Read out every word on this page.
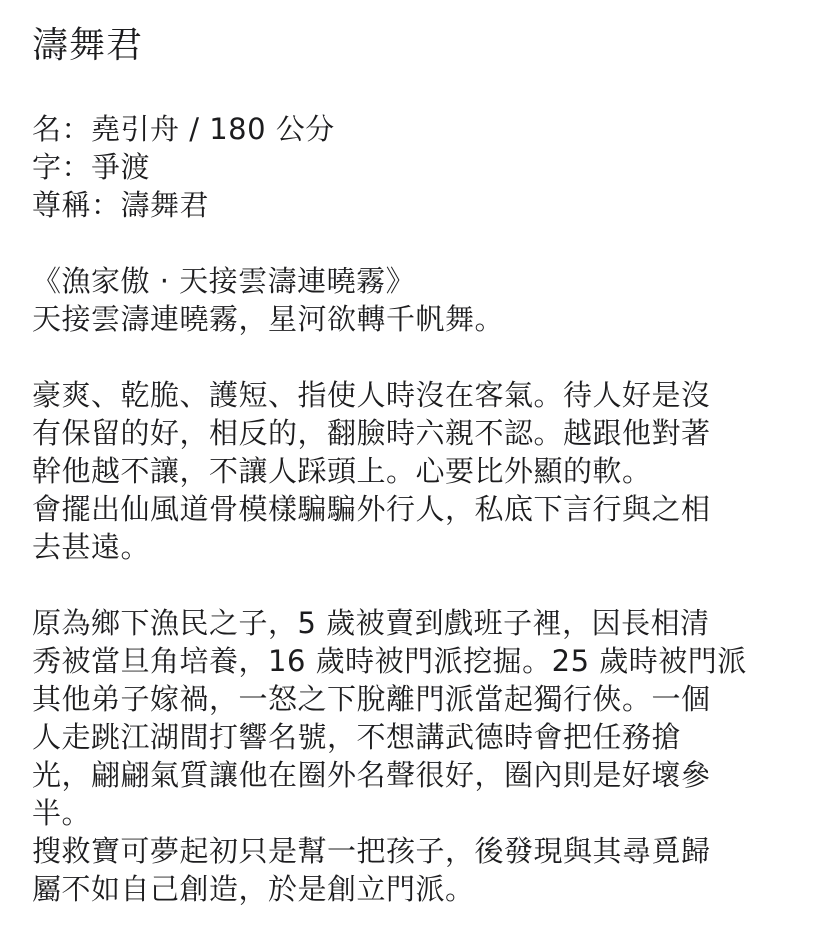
濤舞君
名：堯引舟 / 180 公分
字：爭渡
尊稱：濤舞君
《漁家傲 · 天接雲濤連曉霧》
天接雲濤連曉霧，星河欲轉千帆舞。
豪爽、乾脆、護短、指使人時沒在客氣。待人好是沒
有保留的好，相反的，翻臉時六親不認。越跟他對著
幹他越不讓，不讓人踩頭上。心要比外顯的軟。
會擺出仙風道骨模樣騙騙外行人，私底下言行與之相
去甚遠。
原為鄉下漁民之子，5 歲被賣到戲班子裡，因長相清
秀被當旦角培養，16 歲時被門派挖掘。25 歲時被門派
其他弟子嫁禍，一怒之下脫離門派當起獨行俠。一個
人走跳江湖間打響名號，不想講武德時會把任務搶
光，翩翩氣質讓他在圈外名聲很好，圈內則是好壞參
半。
搜救寶可夢起初只是幫一把孩子，後發現與其尋覓歸
屬不如自己創造，於是創立門派。
